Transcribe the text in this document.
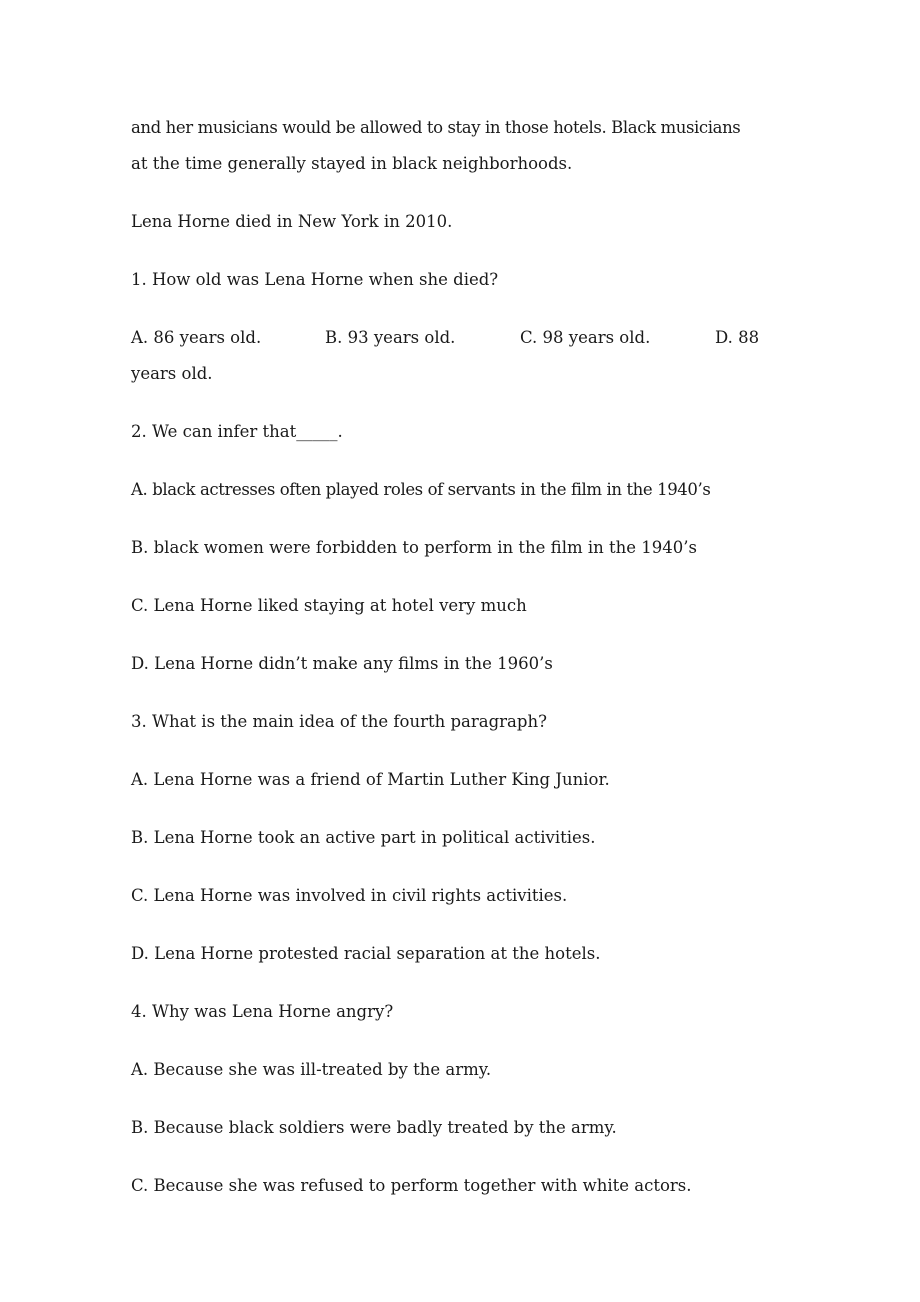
and her musicians would be allowed to stay in those hotels. Black musicians

at the time generally stayed in black neighborhoods.

Lena Horne died in New York in 2010.

1. How old was Lena Horne when she died?

A. 86 years old.	B. 93 years old.	C. 98 years old.	D. 88

years old.

2. We can infer that_____.

A. black actresses often played roles of servants in the film in the 1940’s

B. black women were forbidden to perform in the film in the 1940’s

C. Lena Horne liked staying at hotel very much

D. Lena Horne didn’t make any films in the 1960’s

3. What is the main idea of the fourth paragraph?

A. Lena Horne was a friend of Martin Luther King Junior.

B. Lena Horne took an active part in political activities.

C. Lena Horne was involved in civil rights activities.

D. Lena Horne protested racial separation at the hotels.

4. Why was Lena Horne angry?

A. Because she was ill-treated by the army.

B. Because black soldiers were badly treated by the army.

C. Because she was refused to perform together with white actors.
